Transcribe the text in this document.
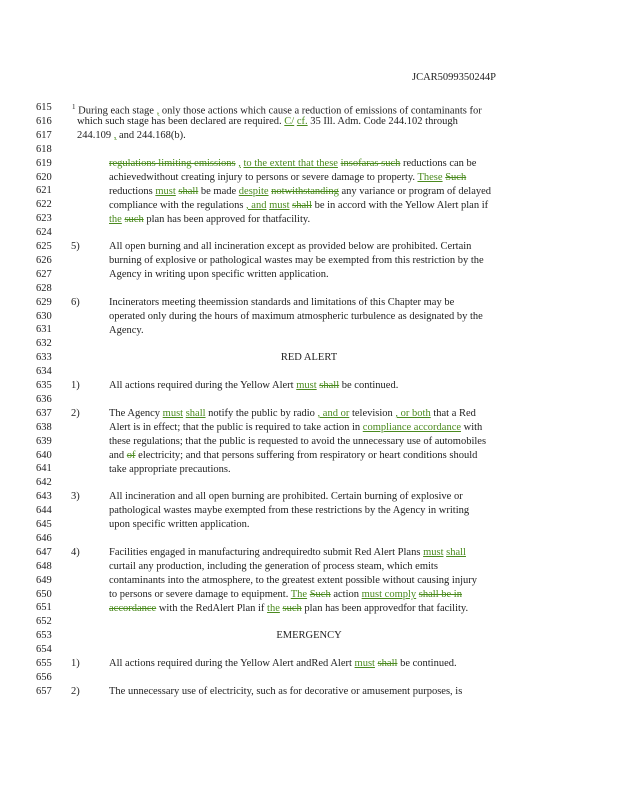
JCAR5099350244P
615
616
617
618
619
620
621
622
623
624
625
626
627
628
629
630
631
632
633
634
635
636
637
638
639
640
641
642
643
644
645
646
647
648
649
650
651
652
653
654
655
656
657
$^1$ During each stage , only those actions which cause a reduction of emissions of contaminants for
which such stage has been declared are required. C/ cf. 35 Ill. Adm. Code 244.102 through
244.109 , and 244.168(b).
regulations limiting emissions , to the extent that these insofaras such reductions can be
achievedwithout creating injury to persons or severe damage to property. These Such
reductions must shall be made despite notwithstanding any variance or program of delayed
compliance with the regulations , and must shall be in accord with the Yellow Alert plan if
the such plan has been approved for thatfacility.
5)	All open burning and all incineration except as provided below are prohibited. Certain
burning of explosive or pathological wastes may be exempted from this restriction by the
Agency in writing upon specific written application.
6)	Incinerators meeting theemission standards and limitations of this Chapter may be
operated only during the hours of maximum atmospheric turbulence as designated by the
Agency.
RED ALERT
1)	All actions required during the Yellow Alert must shall be continued.
2)	The Agency must shall notify the public by radio , and or television , or both that a Red
Alert is in effect; that the public is required to take action in compliance accordance with
these regulations; that the public is requested to avoid the unnecessary use of automobiles
and of electricity; and that persons suffering from respiratory or heart conditions should
take appropriate precautions.
3)	All incineration and all open burning are prohibited. Certain burning of explosive or
pathological wastes maybe exempted from these restrictions by the Agency in writing
upon specific written application.
4)	Facilities engaged in manufacturing andrequiredto submit Red Alert Plans must shall
curtail any production, including the generation of process steam, which emits
contaminants into the atmosphere, to the greatest extent possible without causing injury
to persons or severe damage to equipment. The Such action must comply shall be in
accordance with the RedAlert Plan if the such plan has been approvedfor that facility.
EMERGENCY
1)	All actions required during the Yellow Alert andRed Alert must shall be continued.
2)	The unnecessary use of electricity, such as for decorative or amusement purposes, is
